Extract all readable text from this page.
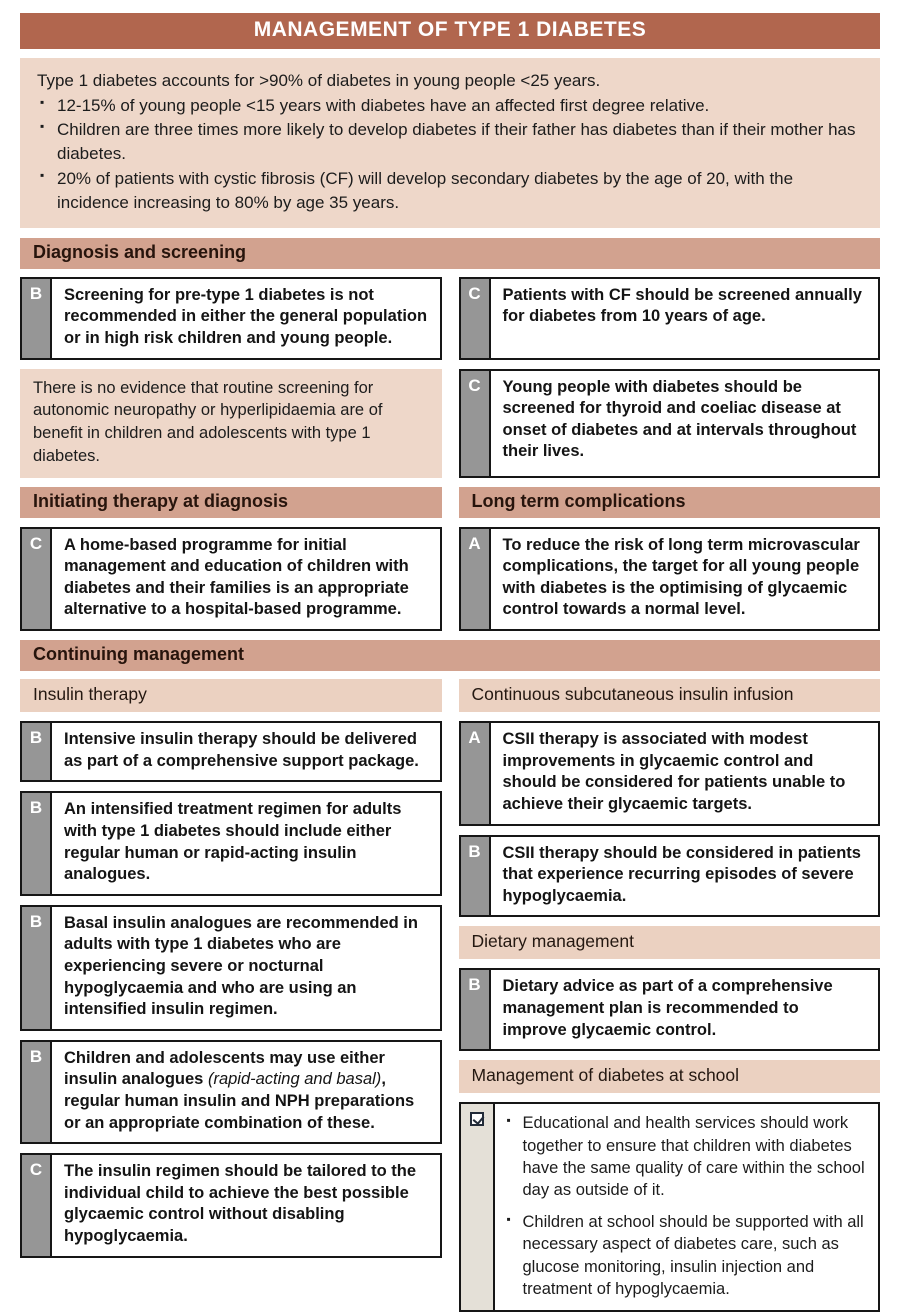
MANAGEMENT OF TYPE 1 DIABETES
Type 1 diabetes accounts for >90% of diabetes in young people <25 years.
▪ 12-15% of young people <15 years with diabetes have an affected first degree relative.
▪ Children are three times more likely to develop diabetes if their father has diabetes than if their mother has diabetes.
▪ 20% of patients with cystic fibrosis (CF) will develop secondary diabetes by the age of 20, with the incidence increasing to 80% by age 35 years.
Diagnosis and screening
B	Screening for pre-type 1 diabetes is not recommended in either the general population or in high risk children and young people.
C	Patients with CF should be screened annually for diabetes from 10 years of age.
There is no evidence that routine screening for autonomic neuropathy or hyperlipidaemia are of benefit in children and adolescents with type 1 diabetes.
C	Young people with diabetes should be screened for thyroid and coeliac disease at onset of diabetes and at intervals throughout their lives.
Initiating therapy at diagnosis	Long term complications
C	A home-based programme for initial management and education of children with diabetes and their families is an appropriate alternative to a hospital-based programme.
A	To reduce the risk of long term microvascular complications, the target for all young people with diabetes is the optimising of glycaemic control towards a normal level.
Continuing management
Insulin therapy
B	Intensive insulin therapy should be delivered as part of a comprehensive support package.
B	An intensified treatment regimen for adults with type 1 diabetes should include either regular human or rapid-acting insulin analogues.
B	Basal insulin analogues are recommended in adults with type 1 diabetes who are experiencing severe or nocturnal hypoglycaemia and who are using an intensified insulin regimen.
B	Children and adolescents may use either insulin analogues (rapid-acting and basal), regular human insulin and NPH preparations or an appropriate combination of these.
C	The insulin regimen should be tailored to the individual child to achieve the best possible glycaemic control without disabling hypoglycaemia.
Continuous subcutaneous insulin infusion
A	CSII therapy is associated with modest improvements in glycaemic control and should be considered for patients unable to achieve their glycaemic targets.
B	CSII therapy should be considered in patients that experience recurring episodes of severe hypoglycaemia.
Dietary management
B	Dietary advice as part of a comprehensive management plan is recommended to improve glycaemic control.
Management of diabetes at school
▪ Educational and health services should work together to ensure that children with diabetes have the same quality of care within the school day as outside of it.
▪ Children at school should be supported with all necessary aspect of diabetes care, such as glucose monitoring, insulin injection and treatment of hypoglycaemia.
